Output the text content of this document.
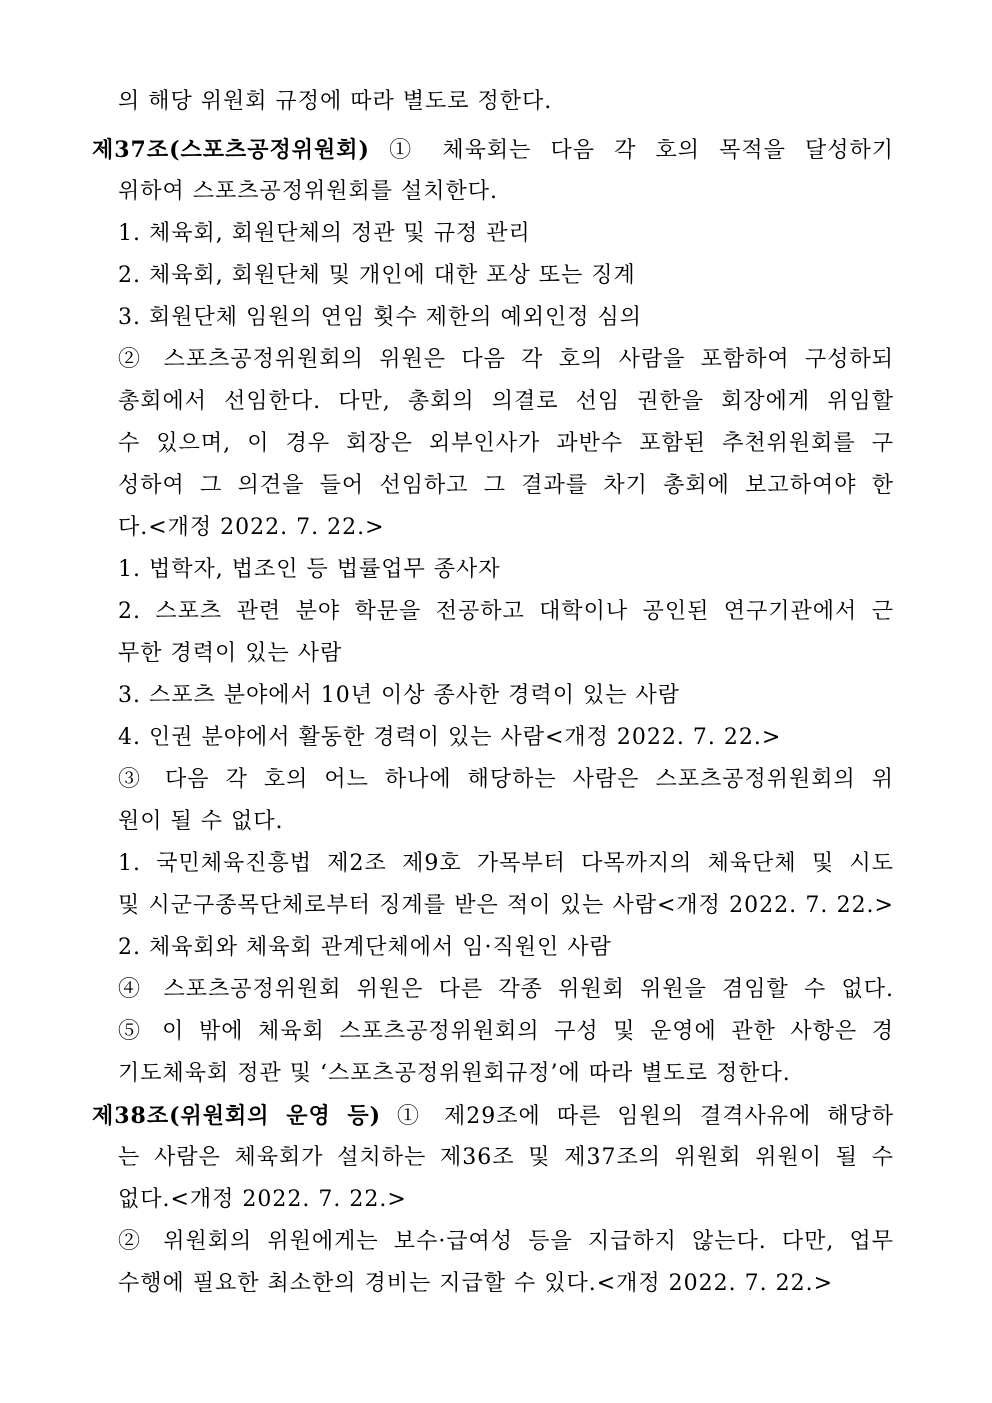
의 해당 위원회 규정에 따라 별도로 정한다.
제37조(스포츠공정위원회) ① 체육회는 다음 각 호의 목적을 달성하기
위하여 스포츠공정위원회를 설치한다.
1. 체육회, 회원단체의 정관 및 규정 관리
2. 체육회, 회원단체 및 개인에 대한 포상 또는 징계
3. 회원단체 임원의 연임 횟수 제한의 예외인정 심의
② 스포츠공정위원회의 위원은 다음 각 호의 사람을 포함하여 구성하되
총회에서 선임한다. 다만, 총회의 의결로 선임 권한을 회장에게 위임할
수 있으며, 이 경우 회장은 외부인사가 과반수 포함된 추천위원회를 구
성하여 그 의견을 들어 선임하고 그 결과를 차기 총회에 보고하여야 한
다.<개정 2022. 7. 22.>
1. 법학자, 법조인 등 법률업무 종사자
2. 스포츠 관련 분야 학문을 전공하고 대학이나 공인된 연구기관에서 근
무한 경력이 있는 사람
3. 스포츠 분야에서 10년 이상 종사한 경력이 있는 사람
4. 인권 분야에서 활동한 경력이 있는 사람<개정 2022. 7. 22.>
③ 다음 각 호의 어느 하나에 해당하는 사람은 스포츠공정위원회의 위
원이 될 수 없다.
1. 국민체육진흥법 제2조 제9호 가목부터 다목까지의 체육단체 및 시도
및 시군구종목단체로부터 징계를 받은 적이 있는 사람<개정 2022. 7. 22.>
2. 체육회와 체육회 관계단체에서 임·직원인 사람
④ 스포츠공정위원회 위원은 다른 각종 위원회 위원을 겸임할 수 없다.
⑤ 이 밖에 체육회 스포츠공정위원회의 구성 및 운영에 관한 사항은 경
기도체육회 정관 및 ‘스포츠공정위원회규정’에 따라 별도로 정한다.
제38조(위원회의 운영 등) ① 제29조에 따른 임원의 결격사유에 해당하
는 사람은 체육회가 설치하는 제36조 및 제37조의 위원회 위원이 될 수
없다.<개정 2022. 7. 22.>
② 위원회의 위원에게는 보수·급여성 등을 지급하지 않는다. 다만, 업무
수행에 필요한 최소한의 경비는 지급할 수 있다.<개정 2022. 7. 22.>
